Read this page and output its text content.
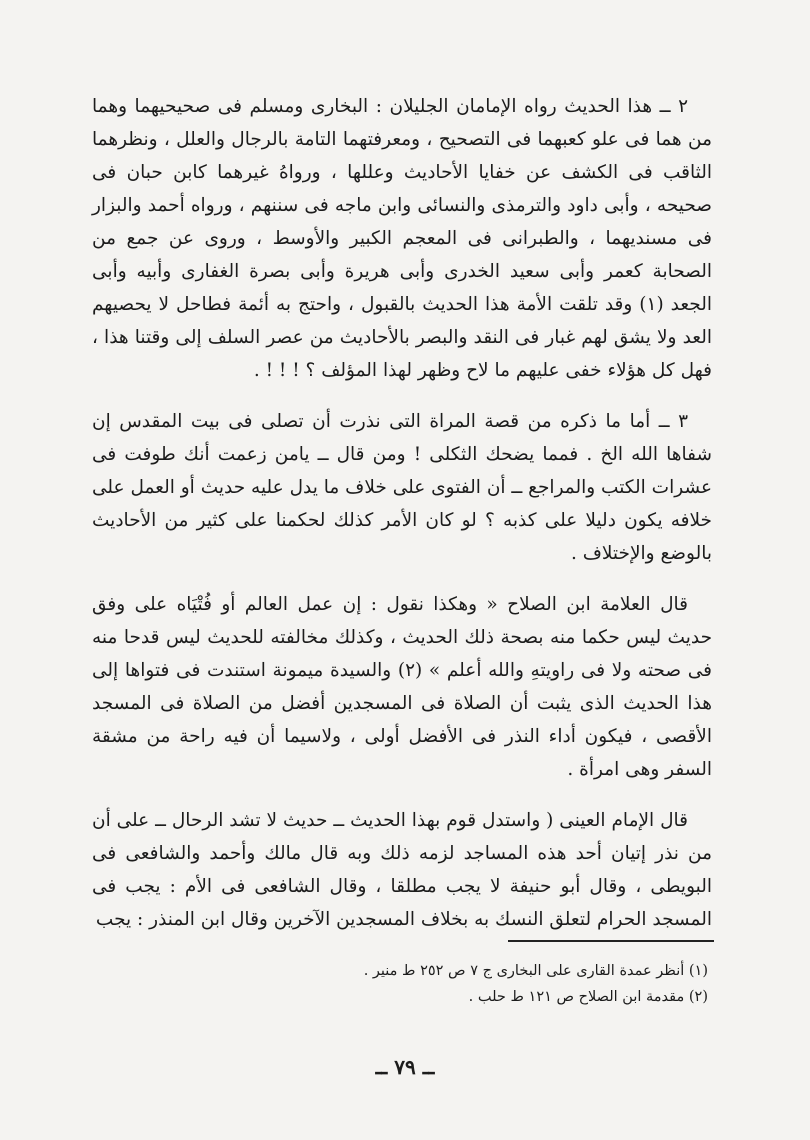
٢ ــ هذا الحديث رواه الإمامان الجليلان : البخارى ومسلم فى صحيحيهما وهما من هما فى علو كعبهما فى التصحيح ، ومعرفتهما التامة بالرجال والعلل ، ونظرهما الثاقب فى الكشف عن خفايا الأحاديث وعللها ، ورواهُ غيرهما كابن حبان فى صحيحه ، وأبى داود والترمذى والنسائى وابن ماجه فى سننهم ، ورواه أحمد والبزار فى مسنديهما ، والطبرانى فى المعجم الكبير والأوسط ، وروى عن جمع من الصحابة كعمر وأبى سعيد الخدرى وأبى هريرة وأبى بصرة الغفارى وأبيه وأبى الجعد (١) وقد تلقت الأمة هذا الحديث بالقبول ، واحتج به أئمة فطاحل لا يحصيهم العد ولا يشق لهم غبار فى النقد والبصر بالأحاديث من عصر السلف إلى وقتنا هذا ، فهل كل هؤلاء خفى عليهم ما لاح وظهر لهذا المؤلف ؟ ! ! ! .

٣ ــ أما ما ذكره من قصة المراة التى نذرت أن تصلى فى بيت المقدس إن شفاها الله الخ . فمما يضحك الثكلى ! ومن قال ــ يامن زعمت أنك طوفت فى عشرات الكتب والمراجع ــ أن الفتوى على خلاف ما يدل عليه حديث أو العمل على خلافه يكون دليلا على كذبه ؟ لو كان الأمر كذلك لحكمنا على كثير من الأحاديث بالوضع والإختلاف .

قال العلامة ابن الصلاح « وهكذا نقول : إن عمل العالم أو فُتْيَاه على وفق حديث ليس حكما منه بصحة ذلك الحديث ، وكذلك مخالفته للحديث ليس قدحا منه فى صحته ولا فى راويتهِ والله أعلم » (٢) والسيدة ميمونة استندت فى فتواها إلى هذا الحديث الذى يثبت أن الصلاة فى المسجدين أفضل من الصلاة فى المسجد الأقصى ، فيكون أداء النذر فى الأفضل أولى ، ولاسيما أن فيه راحة من مشقة السفر وهى امرأة .

قال الإمام العينى ( واستدل قوم بهذا الحديث ــ حديث لا تشد الرحال ــ على أن من نذر إتيان أحد هذه المساجد لزمه ذلك وبه قال مالك وأحمد والشافعى فى البويطى ، وقال أبو حنيفة لا يجب مطلقا ، وقال الشافعى فى الأم : يجب فى المسجد الحرام لتعلق النسك به بخلاف المسجدين الآخرين وقال ابن المنذر : يجب

(١) أنظر عمدة القارى على البخارى ج ٧ ص ٢٥٢ ط منير .

(٢) مقدمة ابن الصلاح ص ١٢١ ط حلب .

ــ ٧٩ ــ
